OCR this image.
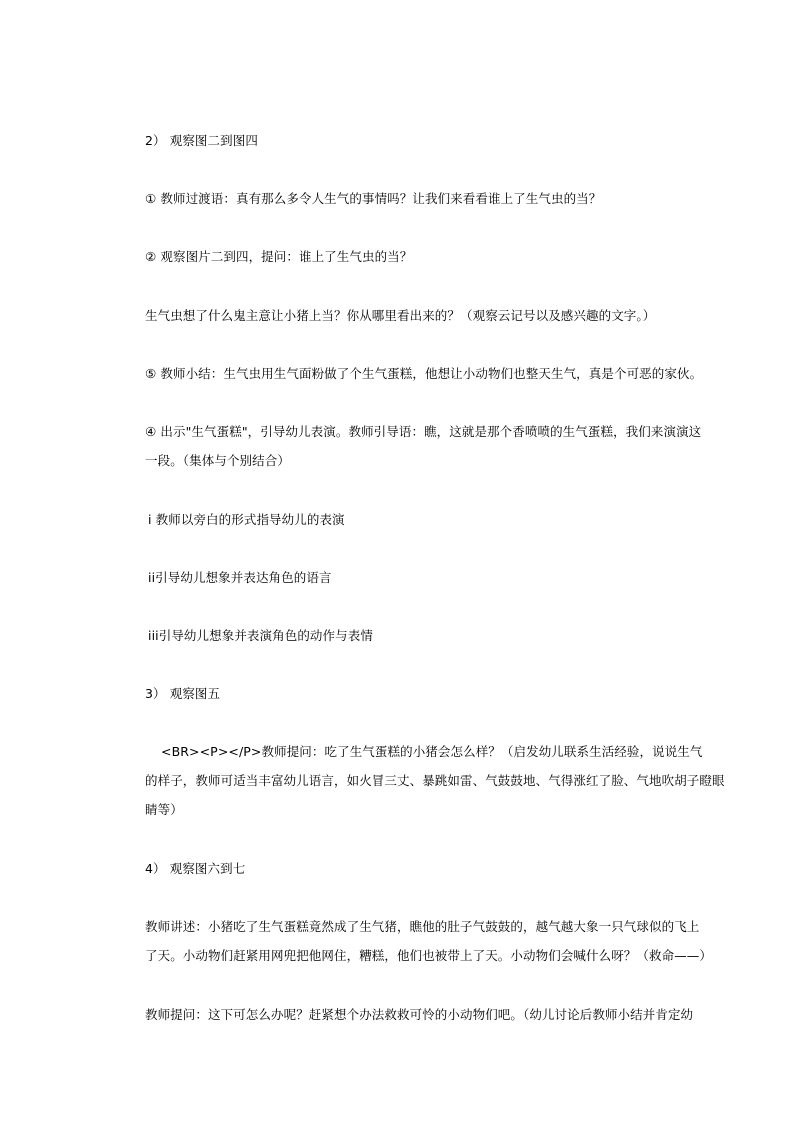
2） 观察图二到图四
① 教师过渡语：真有那么多令人生气的事情吗？让我们来看看谁上了生气虫的当？
② 观察图片二到四，提问：谁上了生气虫的当？
生气虫想了什么鬼主意让小猪上当？你从哪里看出来的？（观察云记号以及感兴趣的文字。）
⑤ 教师小结：生气虫用生气面粉做了个生气蛋糕，他想让小动物们也整天生气，真是个可恶的家伙。
④ 出示"生气蛋糕"，引导幼儿表演。教师引导语：瞧，这就是那个香喷喷的生气蛋糕，我们来演演这
一段。（集体与个别结合）
i 教师以旁白的形式指导幼儿的表演
ii引导幼儿想象并表达角色的语言
iii引导幼儿想象并表演角色的动作与表情
3） 观察图五
<BR><P></P>教师提问：吃了生气蛋糕的小猪会怎么样？（启发幼儿联系生活经验，说说生气
的样子，教师可适当丰富幼儿语言，如火冒三丈、暴跳如雷、气鼓鼓地、气得涨红了脸、气地吹胡子瞪眼
睛等）
4） 观察图六到七
教师讲述：小猪吃了生气蛋糕竟然成了生气猪，瞧他的肚子气鼓鼓的，越气越大象一只气球似的飞上
了天。小动物们赶紧用网兜把他网住，糟糕，他们也被带上了天。小动物们会喊什么呀？（救命——）
教师提问：这下可怎么办呢？赶紧想个办法救救可怜的小动物们吧。（幼儿讨论后教师小结并肯定幼
